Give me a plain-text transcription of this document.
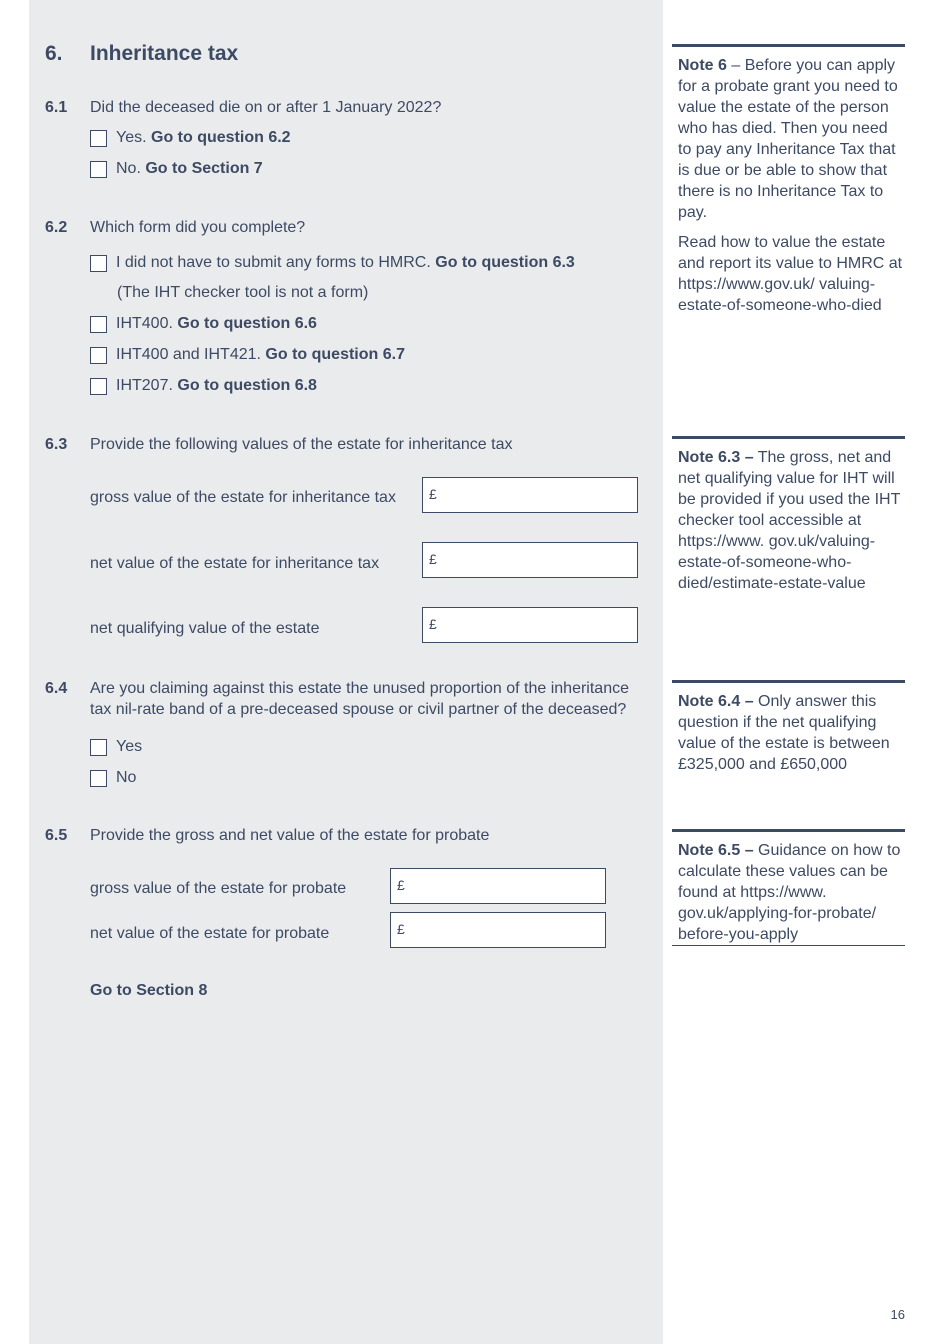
6. Inheritance tax
6.1 Did the deceased die on or after 1 January 2022?
Yes.
Go to question 6.2
No.
Go to Section 7
6.2 Which form did you complete?
I did not have to submit any forms to HMRC.
Go to question 6.3
(The IHT checker tool is not a form)
IHT400.
Go to question 6.6
IHT400 and IHT421.
Go to question 6.7
IHT207.
Go to question 6.8
6.3 Provide the following values of the estate for inheritance tax
gross value of the estate for inheritance tax £
net value of the estate for inheritance tax	£
net qualifying value of the estate	£
6.4 Are you claiming against this estate the unused proportion of the inheritance
tax nil-rate band of a pre-deceased spouse or civil partner of the deceased?
Yes
No
6.5 Provide the gross and net value of the estate for probate
gross value of the estate for probate	£
net value of the estate for probate	£
Go to Section 8

Note 6 – Before you can apply for a probate grant you need to value the estate of the person who has died. Then you need to pay any Inheritance Tax that is due or be able to show that there is no Inheritance Tax to pay.

Read how to value the estate and report its value to HMRC at https://www.gov.uk/ valuing-estate-of-someone-who-died

Note 6.3 – The gross, net and net qualifying value for IHT will be provided if you used the IHT checker tool accessible at https://www. gov.uk/valuing-estate-of-someone-who-died/estimate-estate-value

Note 6.4 – Only answer this question if the net qualifying value of the estate is between £325,000 and £650,000

Note 6.5 – Guidance on how to calculate these values can be found at https://www. gov.uk/applying-for-probate/ before-you-apply

16
